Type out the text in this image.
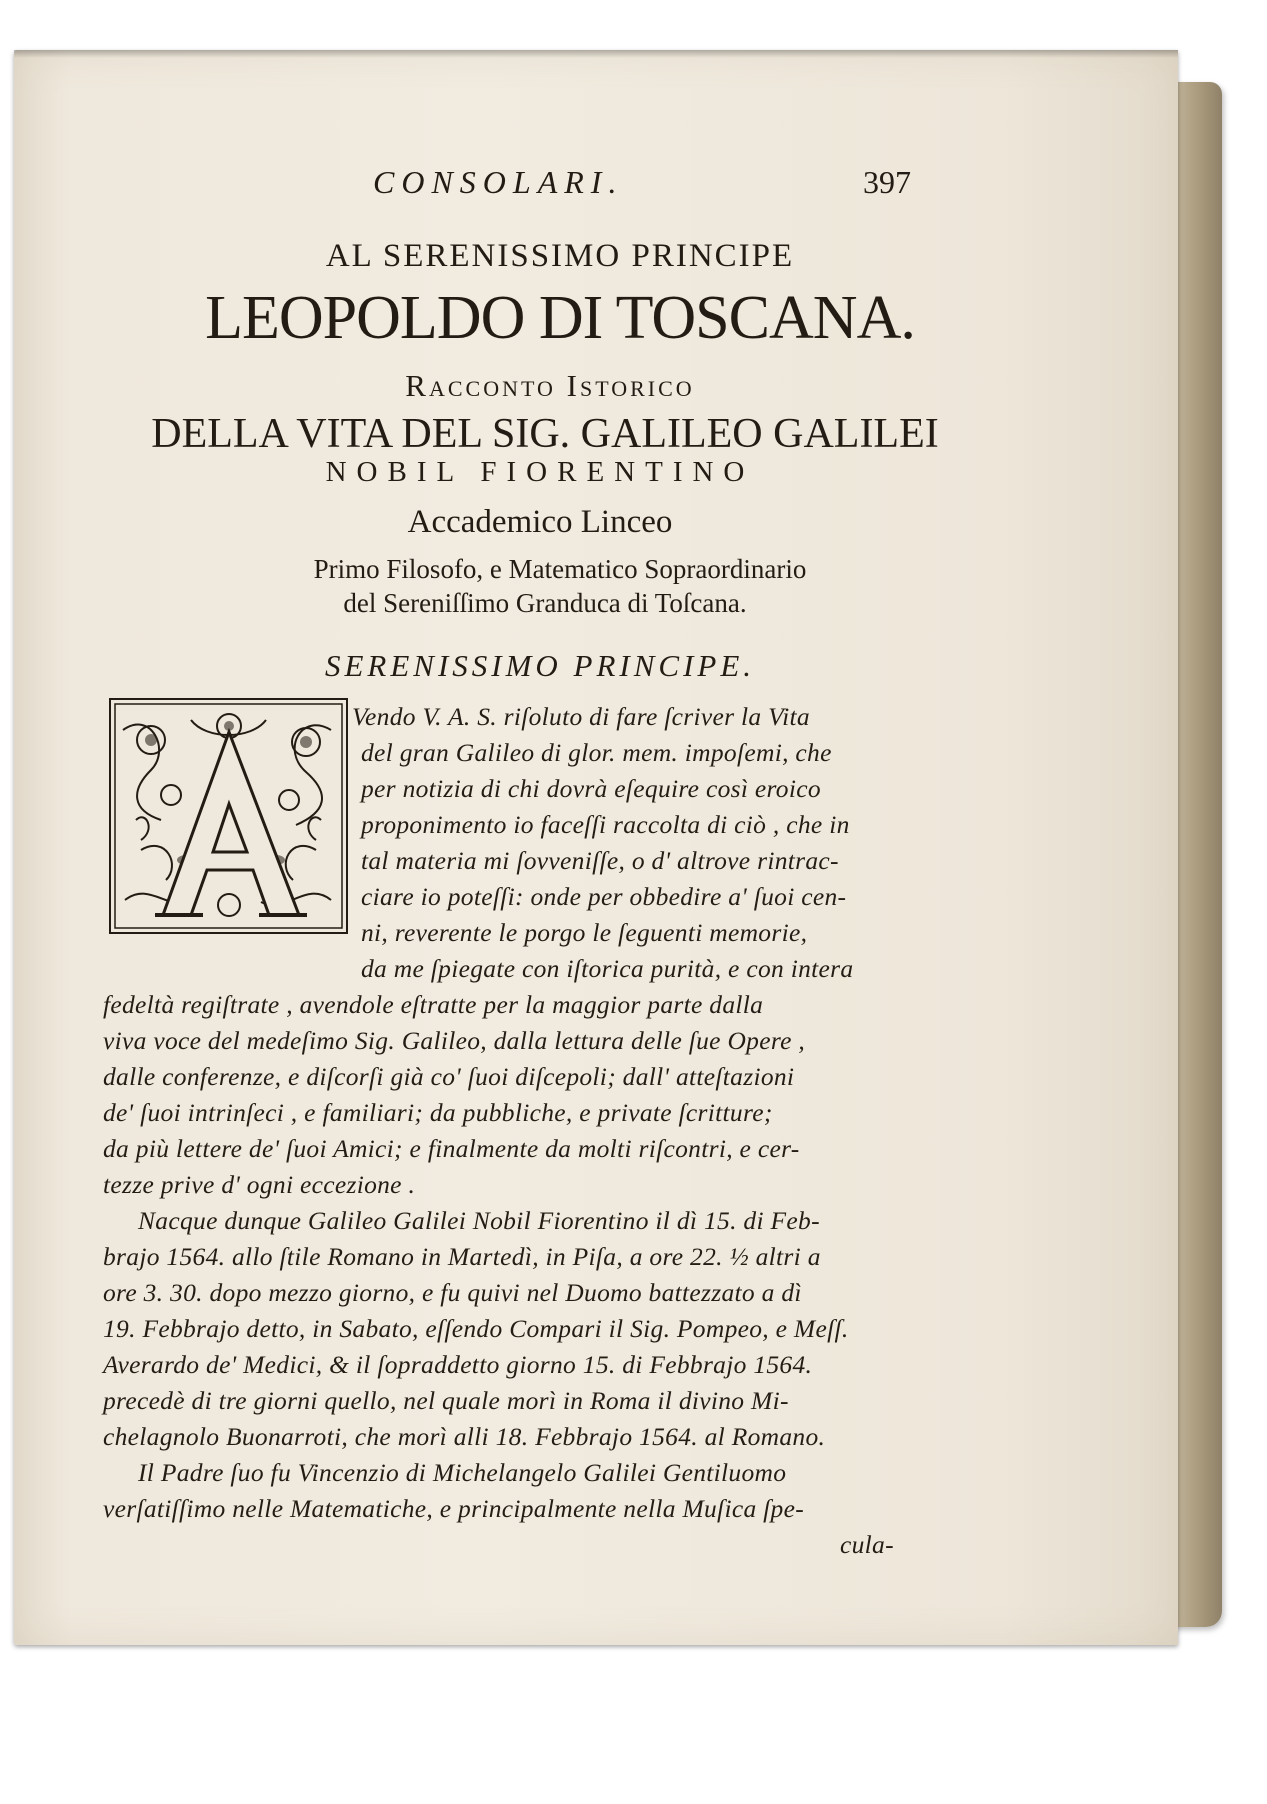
CONSOLARI.	397
AL SERENISSIMO PRINCIPE
LEOPOLDO DI TOSCANA.
Racconto Istorico
DELLA VITA DEL SIG. GALILEO GALILEI
NOBIL FIORENTINO
Accademico Linceo
Primo Filosofo, e Matematico Sopraordinario
del Sereniſſimo Granduca di Toſcana.
SERENISSIMO PRINCIPE.
Vendo V. A. S. riſoluto di fare ſcriver la Vita
del gran Galileo di glor. mem. impoſemi, che
per notizia di chi dovrà eſequire così eroico
proponimento io faceſſi raccolta di ciò , che in
tal materia mi ſovveniſſe, o d' altrove rintrac-
ciare io poteſſi: onde per obbedire a' ſuoi cen-
ni, reverente le porgo le ſeguenti memorie,
da me ſpiegate con iſtorica purità, e con intera
fedeltà regiſtrate , avendole eſtratte per la maggior parte dalla
viva voce del medeſimo Sig. Galileo, dalla lettura delle ſue Opere ,
dalle conferenze, e diſcorſi già co' ſuoi diſcepoli; dall' atteſtazioni
de' ſuoi intrinſeci , e familiari; da pubbliche, e private ſcritture;
da più lettere de' ſuoi Amici; e finalmente da molti riſcontri, e cer-
tezze prive d' ogni eccezione .
Nacque dunque Galileo Galilei Nobil Fiorentino il dì 15. di Feb-
brajo 1564. allo ſtile Romano in Martedì, in Piſa, a ore 22. ½ altri a
ore 3. 30. dopo mezzo giorno, e fu quivi nel Duomo battezzato a dì
19. Febbrajo detto, in Sabato, eſſendo Compari il Sig. Pompeo, e Meſſ.
Averardo de' Medici, & il ſopraddetto giorno 15. di Febbrajo 1564.
precedè di tre giorni quello, nel quale morì in Roma il divino Mi-
chelagnolo Buonarroti, che morì alli 18. Febbrajo 1564. al Romano.
Il Padre ſuo fu Vincenzio di Michelangelo Galilei Gentiluomo
verſatiſſimo nelle Matematiche, e principalmente nella Muſica ſpe-
cula-
